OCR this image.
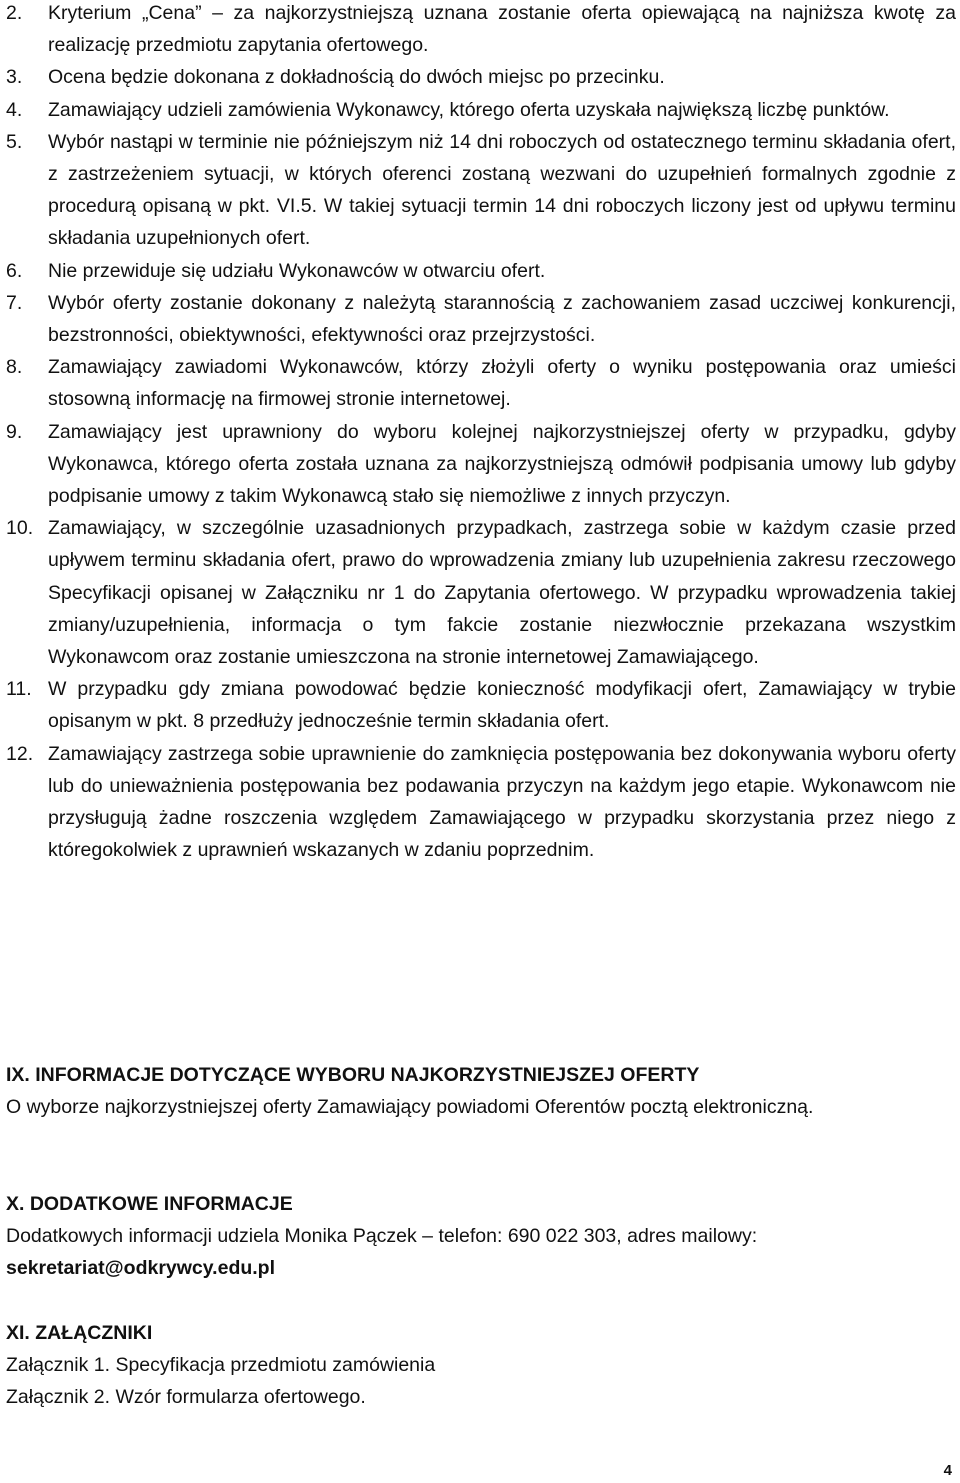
2.	Kryterium „Cena” – za najkorzystniejszą uznana zostanie oferta opiewającą na najniższa kwotę za realizację przedmiotu zapytania ofertowego.
3.	Ocena będzie dokonana z dokładnością do dwóch miejsc po przecinku.
4.	Zamawiający udzieli zamówienia Wykonawcy, którego oferta uzyskała największą liczbę punktów.
5.	Wybór nastąpi w terminie nie późniejszym niż 14 dni roboczych od ostatecznego terminu składania ofert, z zastrzeżeniem sytuacji, w których oferenci zostaną wezwani do uzupełnień formalnych zgodnie z procedurą opisaną w pkt. VI.5. W takiej sytuacji termin 14 dni roboczych liczony jest od upływu terminu składania uzupełnionych ofert.
6.	Nie przewiduje się udziału Wykonawców w otwarciu ofert.
7.	Wybór oferty zostanie dokonany z należytą starannością z zachowaniem zasad uczciwej konkurencji, bezstronności, obiektywności, efektywności oraz przejrzystości.
8.	Zamawiający zawiadomi Wykonawców, którzy złożyli oferty o wyniku postępowania oraz umieści stosowną informację na firmowej stronie internetowej.
9.	Zamawiający jest uprawniony do wyboru kolejnej najkorzystniejszej oferty w przypadku, gdyby Wykonawca, którego oferta została uznana za najkorzystniejszą odmówił podpisania umowy lub gdyby podpisanie umowy z takim Wykonawcą stało się niemożliwe z innych przyczyn.
10. Zamawiający, w szczególnie uzasadnionych przypadkach, zastrzega sobie w każdym czasie przed upływem terminu składania ofert, prawo do wprowadzenia zmiany lub uzupełnienia zakresu rzeczowego Specyfikacji opisanej w Załączniku nr 1 do Zapytania ofertowego. W przypadku wprowadzenia takiej zmiany/uzupełnienia, informacja o tym fakcie zostanie niezwłocznie przekazana wszystkim Wykonawcom oraz zostanie umieszczona na stronie internetowej Zamawiającego.
11. W przypadku gdy zmiana powodować będzie konieczność modyfikacji ofert, Zamawiający w trybie opisanym w pkt. 8 przedłuży jednocześnie termin składania ofert.
12. Zamawiający zastrzega sobie uprawnienie do zamknięcia postępowania bez dokonywania wyboru oferty lub do unieważnienia postępowania bez podawania przyczyn na każdym jego etapie. Wykonawcom nie przysługują żadne roszczenia względem Zamawiającego w przypadku skorzystania przez niego z któregokolwiek z uprawnień wskazanych w zdaniu poprzednim.
IX. INFORMACJE DOTYCZĄCE WYBORU NAJKORZYSTNIEJSZEJ OFERTY
O wyborze najkorzystniejszej oferty Zamawiający powiadomi Oferentów pocztą elektroniczną.
X. DODATKOWE INFORMACJE
Dodatkowych informacji udziela Monika Pączek – telefon: 690 022 303, adres mailowy:
sekretariat@odkrywcy.edu.pl
XI. ZAŁĄCZNIKI
Załącznik 1. Specyfikacja przedmiotu zamówienia
Załącznik 2. Wzór formularza ofertowego.
4
